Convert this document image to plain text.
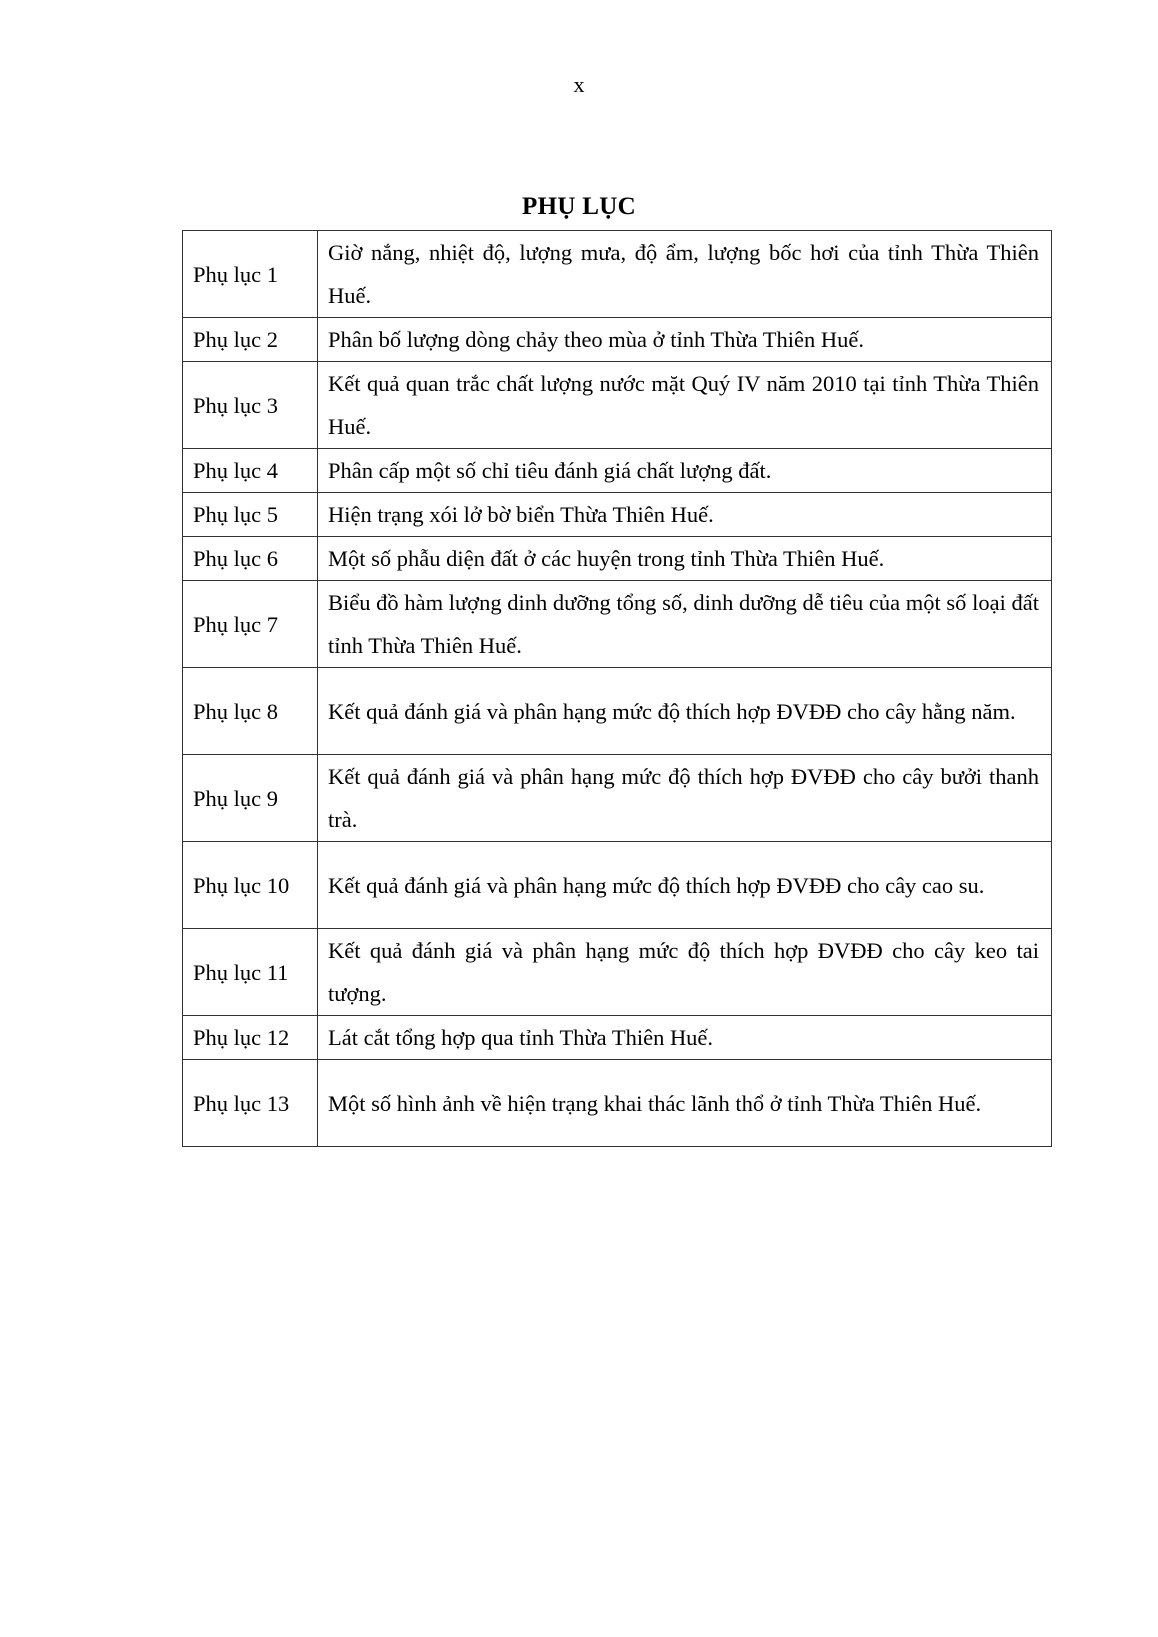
x
PHỤ LỤC
Phụ lục 1	Giờ nắng, nhiệt độ, lượng mưa, độ ẩm, lượng bốc hơi của tỉnh Thừa Thiên Huế.
Phụ lục 2	Phân bố lượng dòng chảy theo mùa ở tỉnh Thừa Thiên Huế.
Phụ lục 3	Kết quả quan trắc chất lượng nước mặt Quý IV năm 2010 tại tỉnh Thừa Thiên Huế.
Phụ lục 4	Phân cấp một số chỉ tiêu đánh giá chất lượng đất.
Phụ lục 5	Hiện trạng xói lở bờ biển Thừa Thiên Huế.
Phụ lục 6	Một số phẫu diện đất ở các huyện trong tỉnh Thừa Thiên Huế.
Phụ lục 7	Biểu đồ hàm lượng dinh dưỡng tổng số, dinh dưỡng dễ tiêu của một số loại đất tỉnh Thừa Thiên Huế.
Phụ lục 8	Kết quả đánh giá và phân hạng mức độ thích hợp ĐVĐĐ cho cây hằng năm.
Phụ lục 9	Kết quả đánh giá và phân hạng mức độ thích hợp ĐVĐĐ cho cây bưởi thanh trà.
Phụ lục 10	Kết quả đánh giá và phân hạng mức độ thích hợp ĐVĐĐ cho cây cao su.
Phụ lục 11	Kết quả đánh giá và phân hạng mức độ thích hợp ĐVĐĐ cho cây keo tai tượng.
Phụ lục 12	Lát cắt tổng hợp qua tỉnh Thừa Thiên Huế.
Phụ lục 13	Một số hình ảnh về hiện trạng khai thác lãnh thổ ở tỉnh Thừa Thiên Huế.
